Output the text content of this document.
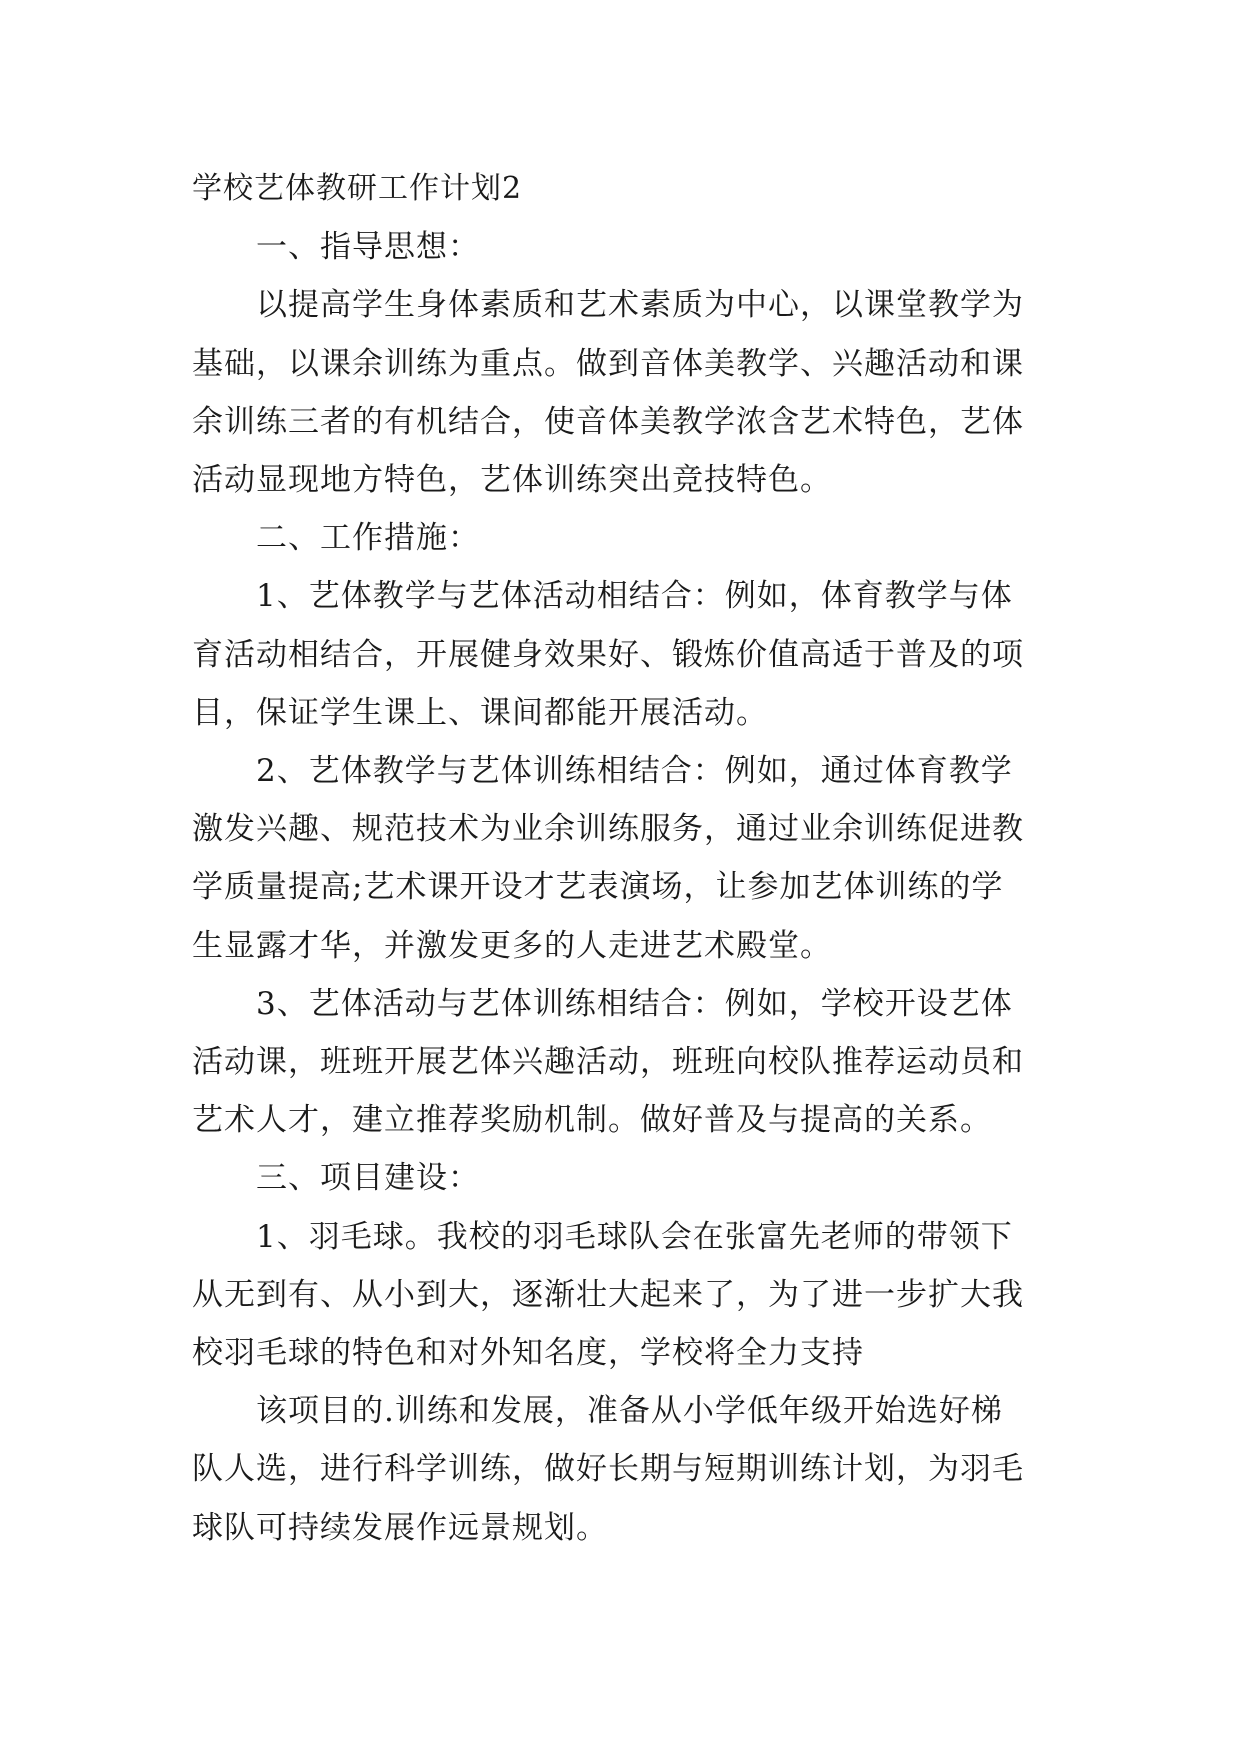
学校艺体教研工作计划2
一、指导思想：
以提高学生身体素质和艺术素质为中心，以课堂教学为
基础，以课余训练为重点。做到音体美教学、兴趣活动和课
余训练三者的有机结合，使音体美教学浓含艺术特色，艺体
活动显现地方特色，艺体训练突出竞技特色。
二、工作措施：
1、艺体教学与艺体活动相结合：例如，体育教学与体
育活动相结合，开展健身效果好、锻炼价值高适于普及的项
目，保证学生课上、课间都能开展活动。
2、艺体教学与艺体训练相结合：例如，通过体育教学
激发兴趣、规范技术为业余训练服务，通过业余训练促进教
学质量提高;艺术课开设才艺表演场，让参加艺体训练的学
生显露才华，并激发更多的人走进艺术殿堂。
3、艺体活动与艺体训练相结合：例如，学校开设艺体
活动课，班班开展艺体兴趣活动，班班向校队推荐运动员和
艺术人才，建立推荐奖励机制。做好普及与提高的关系。
三、项目建设：
1、羽毛球。我校的羽毛球队会在张富先老师的带领下
从无到有、从小到大，逐渐壮大起来了，为了进一步扩大我
校羽毛球的特色和对外知名度，学校将全力支持
该项目的.训练和发展，准备从小学低年级开始选好梯
队人选，进行科学训练，做好长期与短期训练计划，为羽毛
球队可持续发展作远景规划。
